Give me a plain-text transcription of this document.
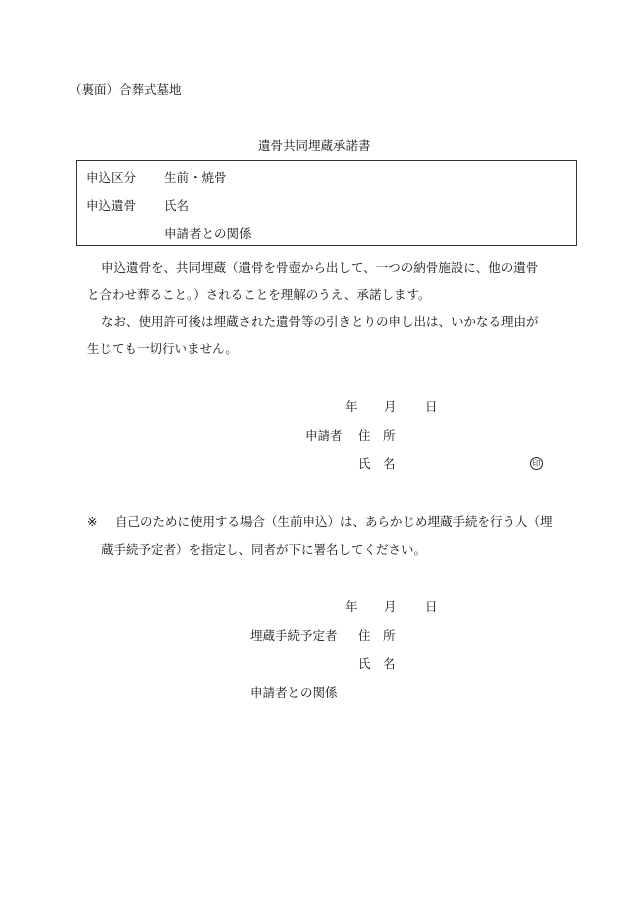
（裏面）合葬式墓地
遺骨共同埋蔵承諾書
申込区分 生前・焼骨
申込遺骨 氏名
申請者との関係
申込遺骨を、共同埋蔵（遺骨を骨壺から出して、一つの納骨施設に、他の遺骨
と合わせ葬ること。）されることを理解のうえ、承諾します。
なお、使用許可後は埋蔵された遺骨等の引きとりの申し出は、いかなる理由が
生じても一切行いません。
年 月 日
申請者 住　所
氏　名	印
※ 自己のために使用する場合（生前申込）は、あらかじめ埋蔵手続を行う人（埋
蔵手続予定者）を指定し、同者が下に署名してください。
年 月 日
埋蔵手続予定者 住　所
氏　名
申請者との関係
